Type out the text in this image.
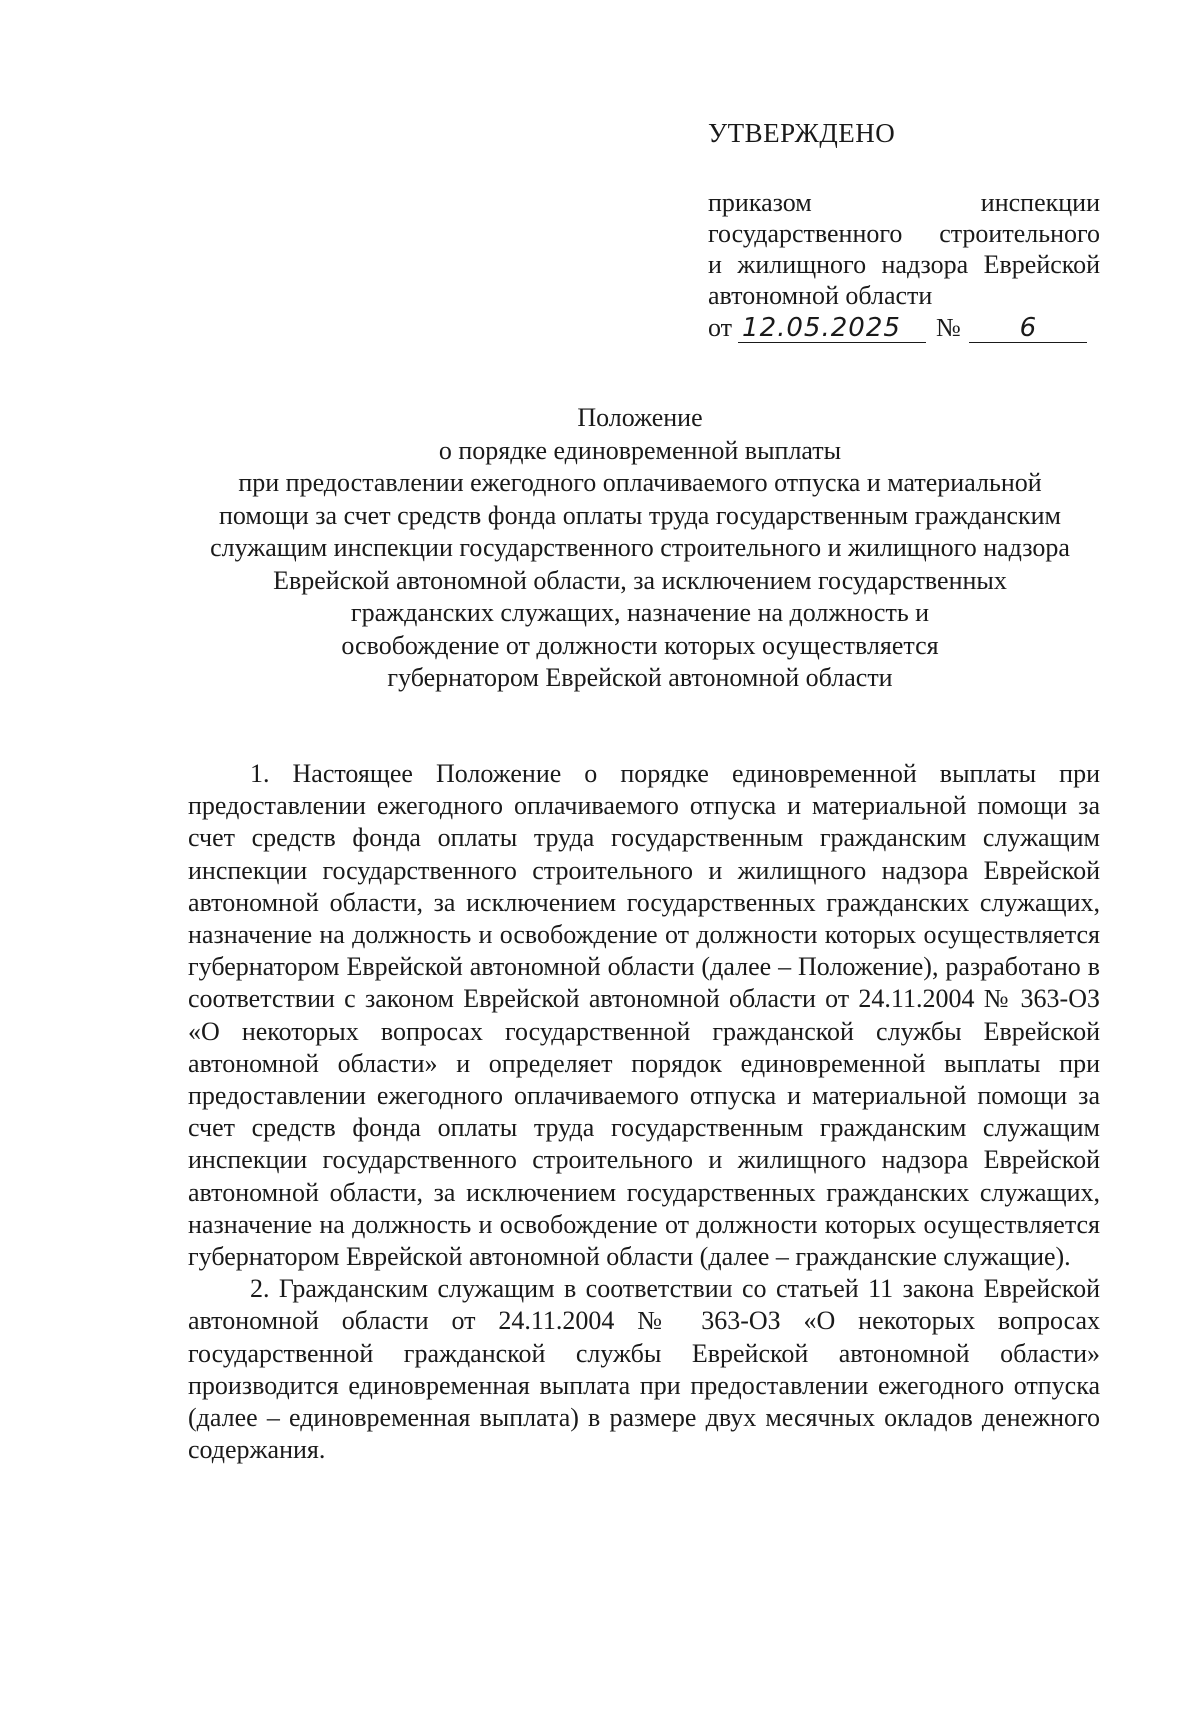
УТВЕРЖДЕНО
приказом инспекции
государственного строительного
и жилищного надзора Еврейской
автономной области
от 12.05.2025	№	6
Положение
о порядке единовременной выплаты
при предоставлении ежегодного оплачиваемого отпуска и материальной
помощи за счет средств фонда оплаты труда государственным гражданским
служащим инспекции государственного строительного и жилищного надзора
Еврейской автономной области, за исключением государственных
гражданских служащих, назначение на должность и
освобождение от должности которых осуществляется
губернатором Еврейской автономной области

1. Настоящее Положение о порядке единовременной выплаты при предоставлении ежегодного оплачиваемого отпуска и материальной помощи за счет средств фонда оплаты труда государственным гражданским служащим инспекции государственного строительного и жилищного надзора Еврейской автономной области, за исключением государственных гражданских служащих, назначение на должность и освобождение от должности которых осуществляется губернатором Еврейской автономной области (далее – Положение), разработано в соответствии с законом Еврейской автономной области от 24.11.2004 № 363-ОЗ «О некоторых вопросах государственной гражданской службы Еврейской автономной области» и определяет порядок единовременной выплаты при предоставлении ежегодного оплачиваемого отпуска и материальной помощи за счет средств фонда оплаты труда государственным гражданским служащим инспекции государственного строительного и жилищного надзора Еврейской автономной области, за исключением государственных гражданских служащих, назначение на должность и освобождение от должности которых осуществляется губернатором Еврейской автономной области (далее – гражданские служащие).

2. Гражданским служащим в соответствии со статьей 11 закона Еврейской автономной области от 24.11.2004 № 363-ОЗ «О некоторых вопросах государственной гражданской службы Еврейской автономной области» производится единовременная выплата при предоставлении ежегодного отпуска (далее – единовременная выплата) в размере двух месячных окладов денежного содержания.
